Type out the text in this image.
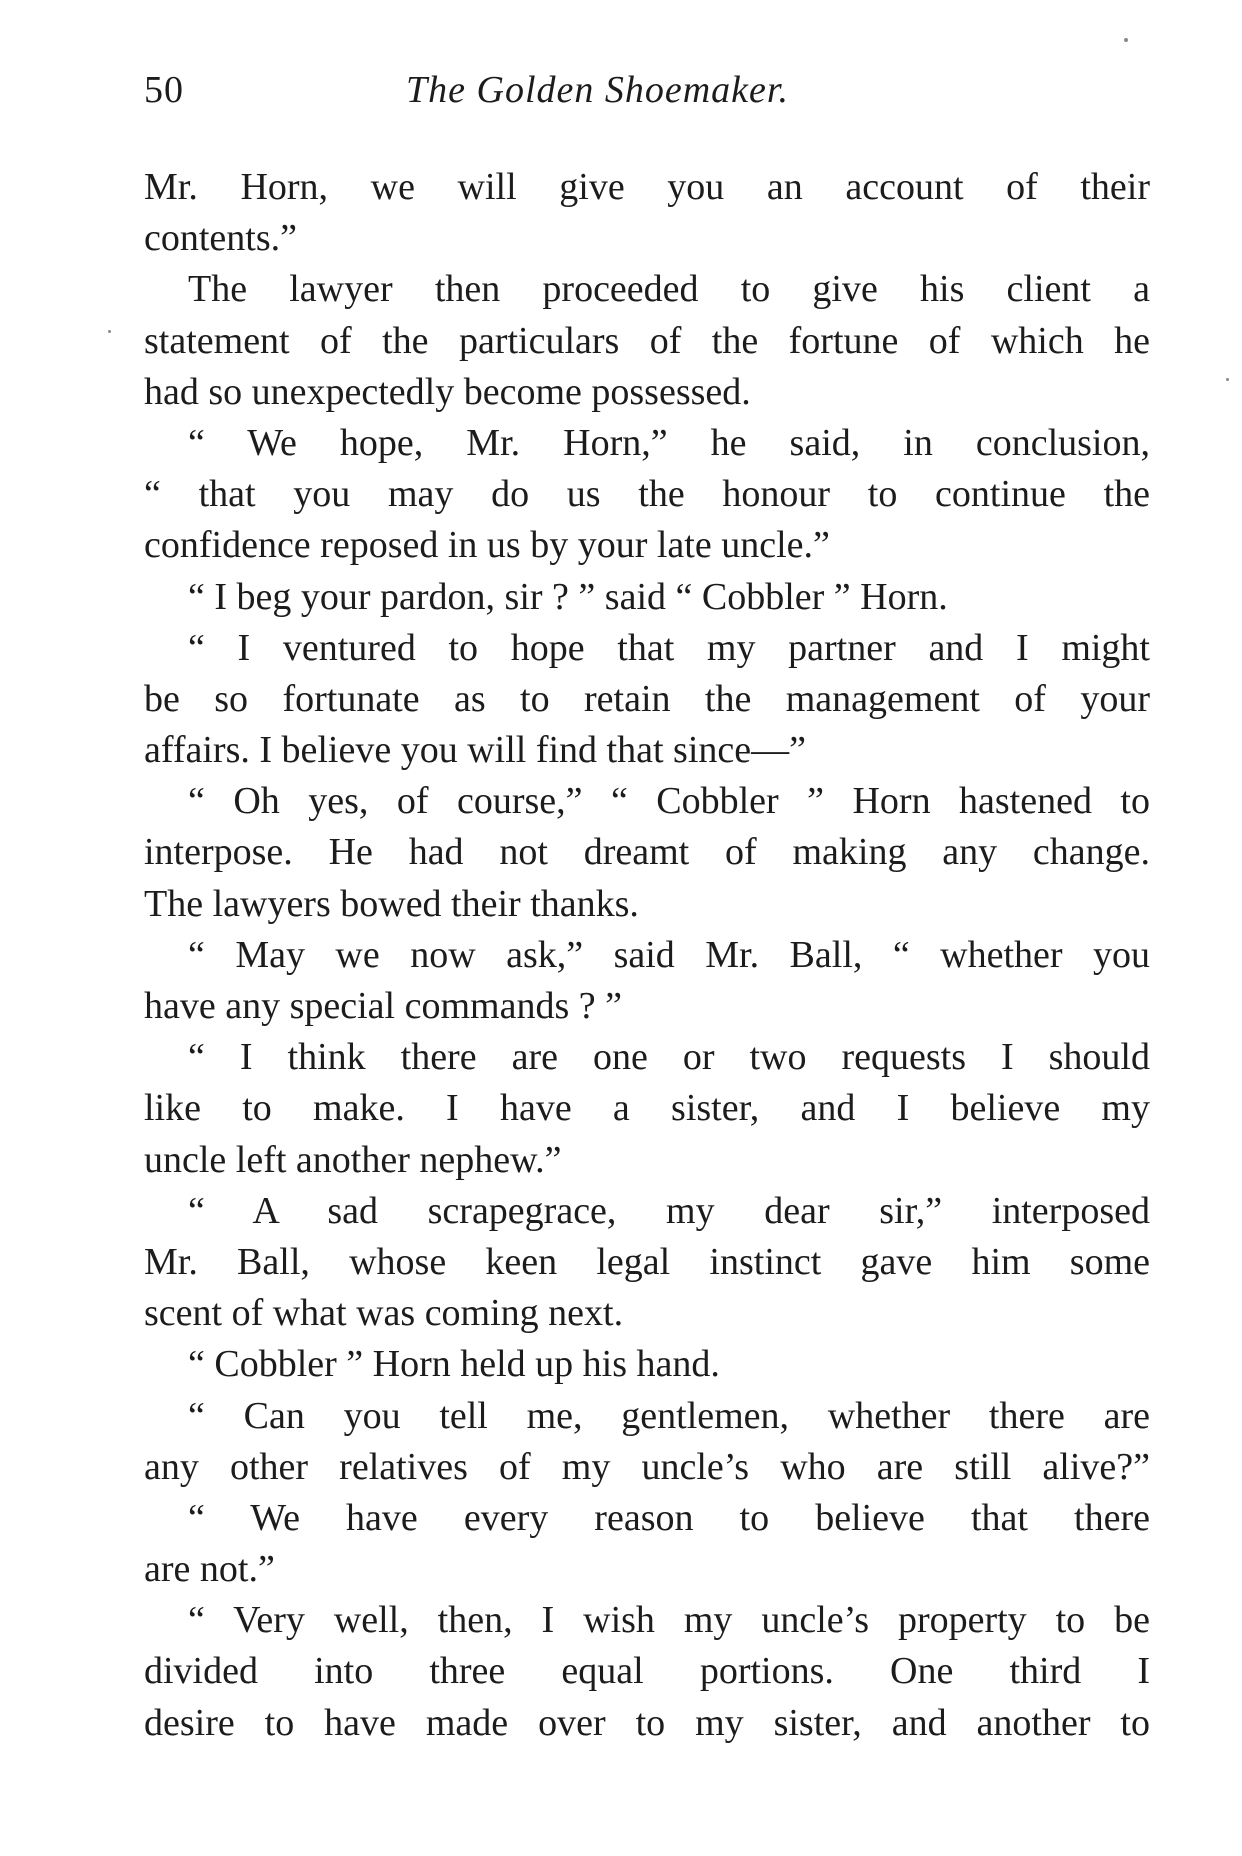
50	The Golden Shoemaker.
Mr. Horn, we will give you an account of their
contents.”
The lawyer then proceeded to give his client a
statement of the particulars of the fortune of which he
had so unexpectedly become possessed.
“ We hope, Mr. Horn,” he said, in conclusion,
“ that you may do us the honour to continue the
confidence reposed in us by your late uncle.”
“ I beg your pardon, sir ? ” said “ Cobbler ” Horn.
“ I ventured to hope that my partner and I might
be so fortunate as to retain the management of your
affairs. I believe you will find that since—”
“ Oh yes, of course,” “ Cobbler ” Horn hastened to
interpose. He had not dreamt of making any change.
The lawyers bowed their thanks.
“ May we now ask,” said Mr. Ball, “ whether you
have any special commands ? ”
“ I think there are one or two requests I should
like to make. I have a sister, and I believe my
uncle left another nephew.”
“ A sad scrapegrace, my dear sir,” interposed
Mr. Ball, whose keen legal instinct gave him some
scent of what was coming next.
“ Cobbler ” Horn held up his hand.
“ Can you tell me, gentlemen, whether there are
any other relatives of my uncle’s who are still alive?”
“ We have every reason to believe that there
are not.”
“ Very well, then, I wish my uncle’s property to be
divided into three equal portions. One third I
desire to have made over to my sister, and another to
